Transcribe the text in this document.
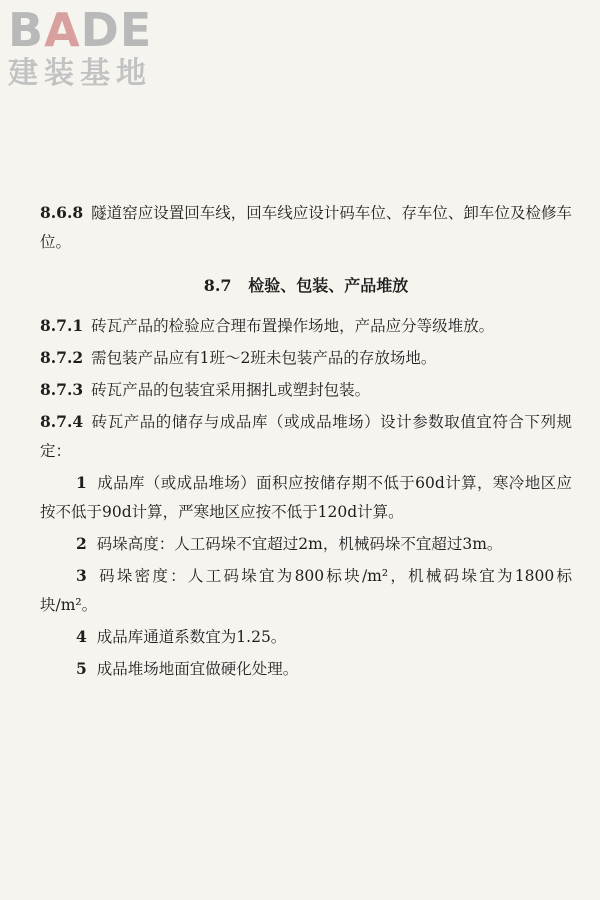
BADE
建装基地

8.6.8 隧道窑应设置回车线，回车线应设计码车位、存车位、卸车位及检修车位。

8.7 检验、包装、产品堆放

8.7.1 砖瓦产品的检验应合理布置操作场地，产品应分等级堆放。

8.7.2 需包装产品应有1班～2班未包装产品的存放场地。

8.7.3 砖瓦产品的包装宜采用捆扎或塑封包装。

8.7.4 砖瓦产品的储存与成品库（或成品堆场）设计参数取值宜符合下列规定：

1 成品库（或成品堆场）面积应按储存期不低于60d计算，寒冷地区应按不低于90d计算，严寒地区应按不低于120d计算。

2 码垛高度：人工码垛不宜超过2m，机械码垛不宜超过3m。

3 码垛密度：人工码垛宜为800标块/m²，机械码垛宜为1800标块/m²。

4 成品库通道系数宜为1.25。

5 成品堆场地面宜做硬化处理。
